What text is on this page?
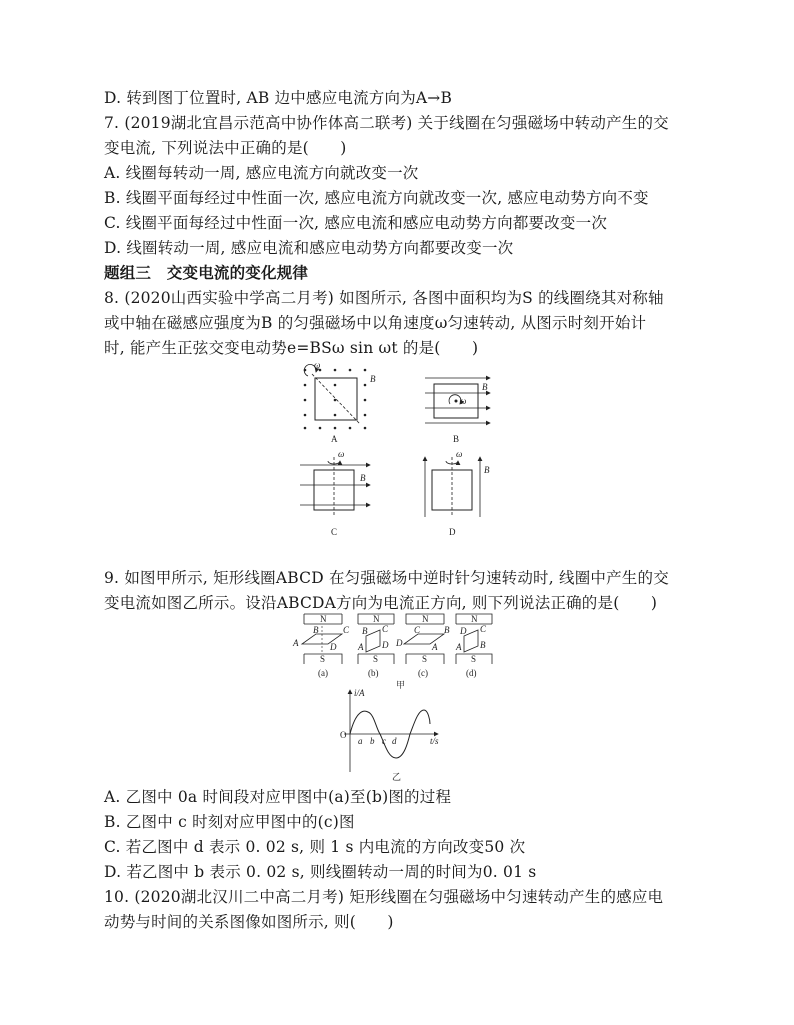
D. 转到图丁位置时, AB 边中感应电流方向为A→B
7. (2019湖北宜昌示范高中协作体高二联考) 关于线圈在匀强磁场中转动产生的交
变电流, 下列说法中正确的是(　　)
A. 线圈每转动一周, 感应电流方向就改变一次
B. 线圈平面每经过中性面一次, 感应电流方向就改变一次, 感应电动势方向不变
C. 线圈平面每经过中性面一次, 感应电流和感应电动势方向都要改变一次
D. 线圈转动一周, 感应电流和感应电动势方向都要改变一次
题组三　交变电流的变化规律
8. (2020山西实验中学高二月考) 如图所示, 各图中面积均为S 的线圈绕其对称轴
或中轴在磁感应强度为B 的匀强磁场中以角速度ω匀速转动, 从图示时刻开始计
时, 能产生正弦交变电动势e=BSω sin ωt 的是(　　)
ω
B
A
ω
B
B
ω
B
C
ω
B
D
9. 如图甲所示, 矩形线圈ABCD 在匀强磁场中逆时针匀速转动时, 线圈中产生的交
变电流如图乙所示。设沿ABCDA方向为电流正方向, 则下列说法正确的是(　　)
N
S
B	C
A	D
(a)
N
S
B C
D
A
(b)
N
S
C	B
D	A
(c)
N
S
D C
A B
(d)
甲
i/A
t/s
O
a b c d
乙
A. 乙图中 0a 时间段对应甲图中(a)至(b)图的过程
B. 乙图中 c 时刻对应甲图中的(c)图
C. 若乙图中 d 表示 0. 02 s, 则 1 s 内电流的方向改变50 次
D. 若乙图中 b 表示 0. 02 s, 则线圈转动一周的时间为0. 01 s
10. (2020湖北汉川二中高二月考) 矩形线圈在匀强磁场中匀速转动产生的感应电
动势与时间的关系图像如图所示, 则(　　)
